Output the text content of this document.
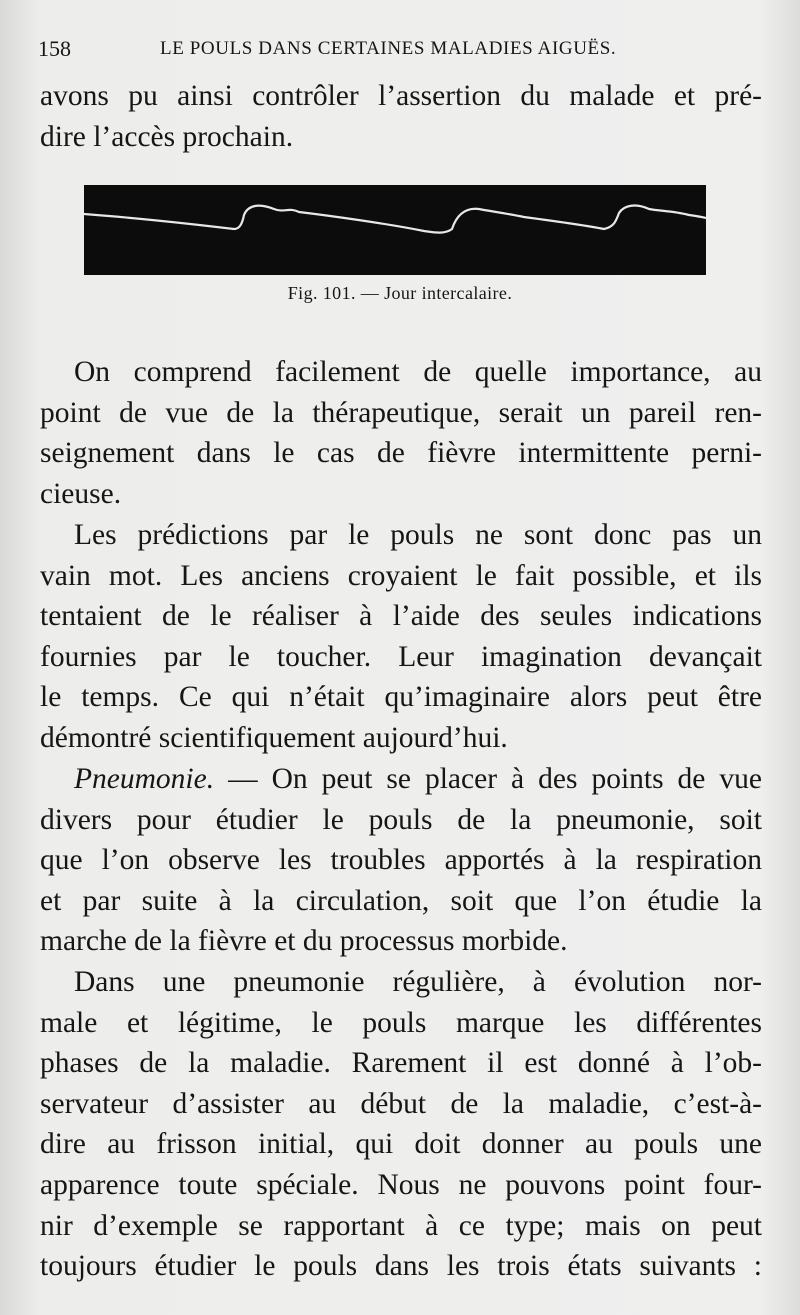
158	LE POULS DANS CERTAINES MALADIES AIGUËS.
avons pu ainsi contrôler l’assertion du malade et pré-
dire l’accès prochain.
Fig. 101. — Jour intercalaire.
On comprend facilement de quelle importance, au
point de vue de la thérapeutique, serait un pareil ren-
seignement dans le cas de fièvre intermittente perni-
cieuse.
Les prédictions par le pouls ne sont donc pas un
vain mot. Les anciens croyaient le fait possible, et ils
tentaient de le réaliser à l’aide des seules indications
fournies par le toucher. Leur imagination devançait
le temps. Ce qui n’était qu’imaginaire alors peut être
démontré scientifiquement aujourd’hui.
Pneumonie. — On peut se placer à des points de vue
divers pour étudier le pouls de la pneumonie, soit
que l’on observe les troubles apportés à la respiration
et par suite à la circulation, soit que l’on étudie la
marche de la fièvre et du processus morbide.
Dans une pneumonie régulière, à évolution nor-
male et légitime, le pouls marque les différentes
phases de la maladie. Rarement il est donné à l’ob-
servateur d’assister au début de la maladie, c’est-à-
dire au frisson initial, qui doit donner au pouls une
apparence toute spéciale. Nous ne pouvons point four-
nir d’exemple se rapportant à ce type; mais on peut
toujours étudier le pouls dans les trois états suivants :
